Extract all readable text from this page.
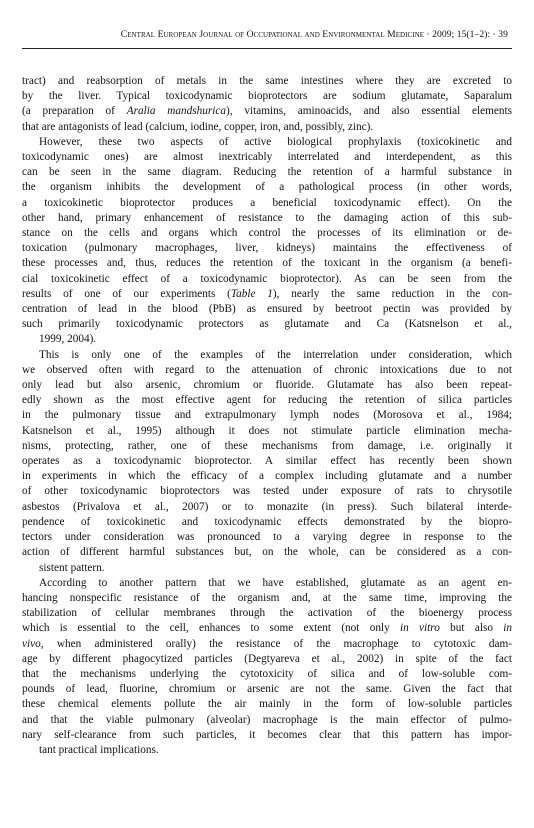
Central European Journal of Occupational and Environmental Medicine · 2009; 15(1–2): · 39

tract) and reabsorption of metals in the same intestines where they are excreted to
by the liver. Typical toxicodynamic bioprotectors are sodium glutamate, Saparalum
(a preparation of Aralia mandshurica), vitamins, aminoacids, and also essential elements

that are antagonists of lead (calcium, iodine, copper, iron, and, possibly, zinc).

However, these two aspects of active biological prophylaxis (toxicokinetic and
toxicodynamic ones) are almost inextricably interrelated and interdependent, as this
can be seen in the same diagram. Reducing the retention of a harmful substance in
the organism inhibits the development of a pathological process (in other words,
a toxicokinetic bioprotector produces a beneficial toxicodynamic effect). On the
other hand, primary enhancement of resistance to the damaging action of this sub-
stance on the cells and organs which control the processes of its elimination or de-
toxication (pulmonary macrophages, liver, kidneys) maintains the effectiveness of
these processes and, thus, reduces the retention of the toxicant in the organism (a benefi-
cial toxicokinetic effect of a toxicodynamic bioprotector). As can be seen from the
results of one of our experiments (Table 1), nearly the same reduction in the con-
centration of lead in the blood (PbB) as ensured by beetroot pectin was provided by
such primarily toxicodynamic protectors as glutamate and Ca (Katsnelson et al.,

1999, 2004).

This is only one of the examples of the interrelation under consideration, which
we observed often with regard to the attenuation of chronic intoxications due to not
only lead but also arsenic, chromium or fluoride. Glutamate has also been repeat-
edly shown as the most effective agent for reducing the retention of silica particles
in the pulmonary tissue and extrapulmonary lymph nodes (Morosova et al., 1984;
Katsnelson et al., 1995) although it does not stimulate particle elimination mecha-
nisms, protecting, rather, one of these mechanisms from damage, i.e. originally it
operates as a toxicodynamic bioprotector. A similar effect has recently been shown
in experiments in which the efficacy of a complex including glutamate and a number
of other toxicodynamic bioprotectors was tested under exposure of rats to chrysotile
asbestos (Privalova et al., 2007) or to monazite (in press). Such bilateral interde-
pendence of toxicokinetic and toxicodynamic effects demonstrated by the biopro-
tectors under consideration was pronounced to a varying degree in response to the
action of different harmful substances but, on the whole, can be considered as a con-

sistent pattern.

According to another pattern that we have established, glutamate as an agent en-
hancing nonspecific resistance of the organism and, at the same time, improving the
stabilization of cellular membranes through the activation of the bioenergy process
which is essential to the cell, enhances to some extent (not only in vitro but also in
vivo, when administered orally) the resistance of the macrophage to cytotoxic dam-
age by different phagocytized particles (Degtyareva et al., 2002) in spite of the fact
that the mechanisms underlying the cytotoxicity of silica and of low-soluble com-
pounds of lead, fluorine, chromium or arsenic are not the same. Given the fact that
these chemical elements pollute the air mainly in the form of low-soluble particles
and that the viable pulmonary (alveolar) macrophage is the main effector of pulmo-
nary self-clearance from such particles, it becomes clear that this pattern has impor-

tant practical implications.
